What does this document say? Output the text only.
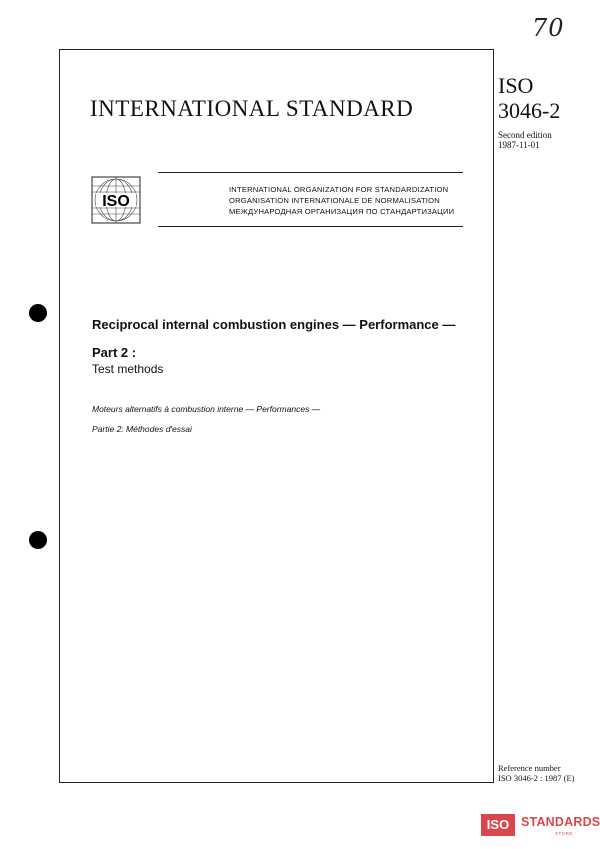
70
ISO
3046-2
Second edition
1987-11-01
INTERNATIONAL STANDARD
ISO
INTERNATIONAL ORGANIZATION FOR STANDARDIZATION
ORGANISATION INTERNATIONALE DE NORMALISATION
МЕЖДУНАРОДНАЯ ОРГАНИЗАЦИЯ ПО СТАНДАРТИЗАЦИИ
Reciprocal internal combustion engines — Performance —
Part 2 :
Test methods
Moteurs alternatifs à combustion interne — Performances —
Partie 2: Méthodes d'essai
Reference number
ISO 3046-2 : 1987 (E)
ISO STANDARDS
STORE
